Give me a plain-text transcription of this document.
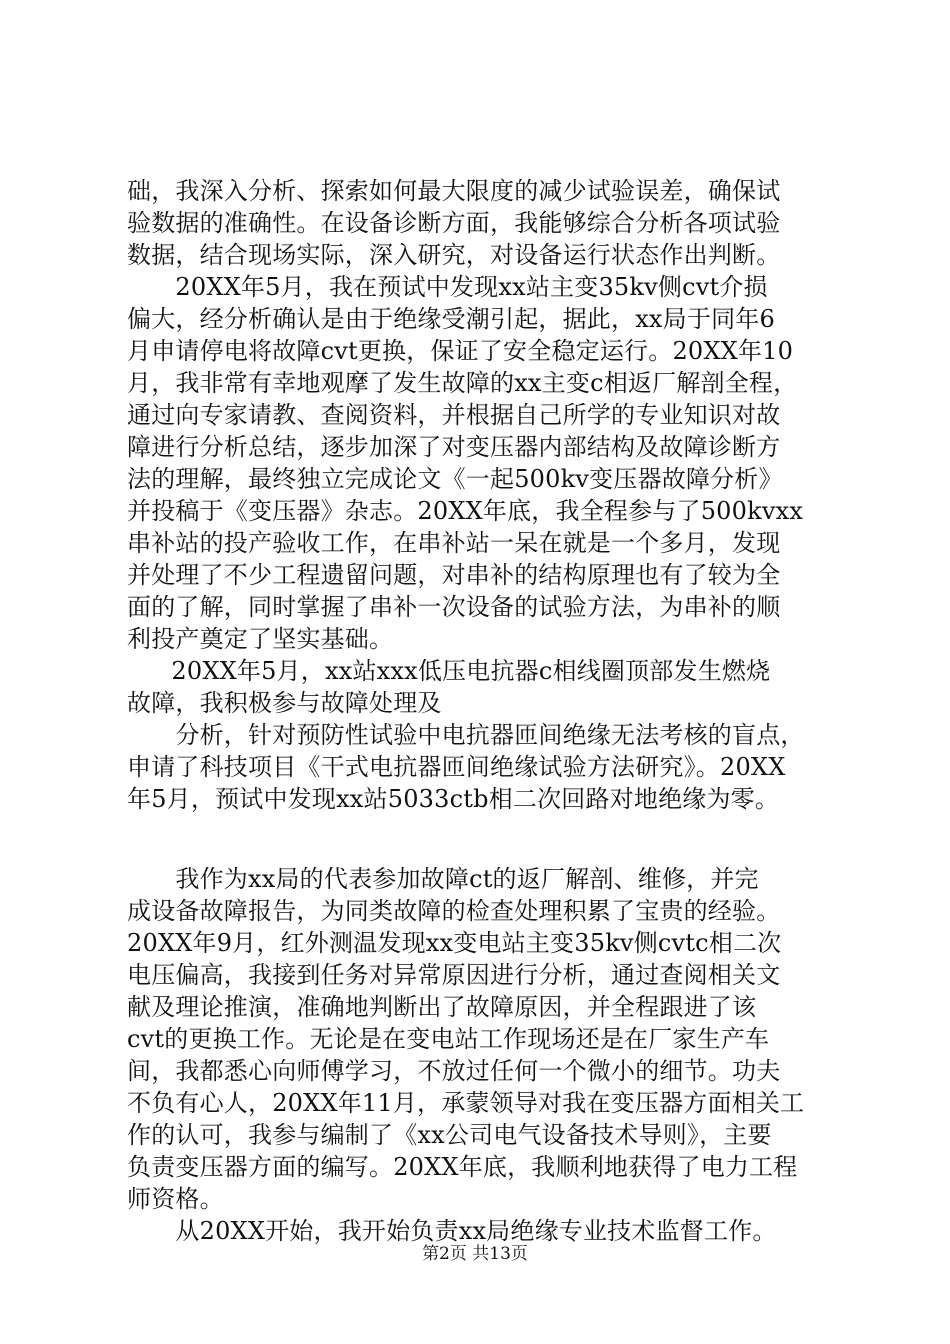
础，我深入分析、探索如何最大限度的减少试验误差，确保试
验数据的准确性。在设备诊断方面，我能够综合分析各项试验
数据，结合现场实际，深入研究，对设备运行状态作出判断。
　　20XX年5月，我在预试中发现xx站主变35kv侧cvt介损
偏大，经分析确认是由于绝缘受潮引起，据此，xx局于同年6
月申请停电将故障cvt更换，保证了安全稳定运行。20XX年10
月，我非常有幸地观摩了发生故障的xx主变c相返厂解剖全程，
通过向专家请教、查阅资料，并根据自己所学的专业知识对故
障进行分析总结，逐步加深了对变压器内部结构及故障诊断方
法的理解，最终独立完成论文《一起500kv变压器故障分析》
并投稿于《变压器》杂志。20XX年底，我全程参与了500kvxx
串补站的投产验收工作，在串补站一呆在就是一个多月，发现
并处理了不少工程遗留问题，对串补的结构原理也有了较为全
面的了解，同时掌握了串补一次设备的试验方法，为串补的顺
利投产奠定了坚实基础。
　　20XX年5月，xx站xxx低压电抗器c相线圈顶部发生燃烧
故障，我积极参与故障处理及
　　分析，针对预防性试验中电抗器匝间绝缘无法考核的盲点，
申请了科技项目《干式电抗器匝间绝缘试验方法研究》。20XX
年5月，预试中发现xx站5033ctb相二次回路对地绝缘为零。
　　我作为xx局的代表参加故障ct的返厂解剖、维修，并完
成设备故障报告，为同类故障的检查处理积累了宝贵的经验。
20XX年9月，红外测温发现xx变电站主变35kv侧cvtc相二次
电压偏高，我接到任务对异常原因进行分析，通过查阅相关文
献及理论推演，准确地判断出了故障原因，并全程跟进了该
cvt的更换工作。无论是在变电站工作现场还是在厂家生产车
间，我都悉心向师傅学习，不放过任何一个微小的细节。功夫
不负有心人，20XX年11月，承蒙领导对我在变压器方面相关工
作的认可，我参与编制了《xx公司电气设备技术导则》，主要
负责变压器方面的编写。20XX年底，我顺利地获得了电力工程
师资格。
　　从20XX开始，我开始负责xx局绝缘专业技术监督工作。
第2页 共13页
